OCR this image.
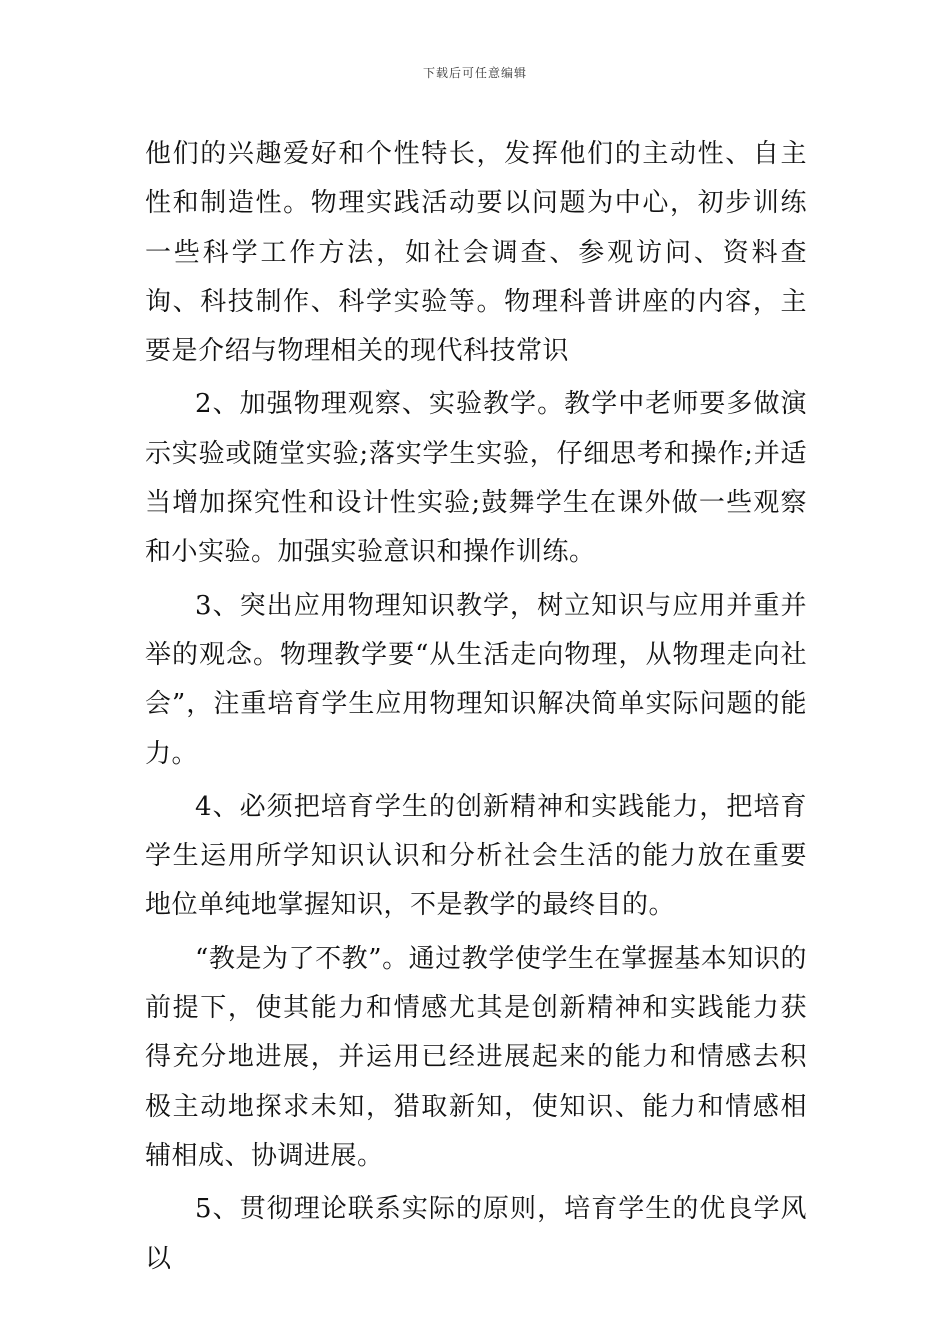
下载后可任意编辑

他们的兴趣爱好和个性特长，发挥他们的主动性、自主性和制造性。物理实践活动要以问题为中心，初步训练一些科学工作方法，如社会调查、参观访问、资料查询、科技制作、科学实验等。物理科普讲座的内容，主要是介绍与物理相关的现代科技常识

2、加强物理观察、实验教学。教学中老师要多做演示实验或随堂实验;落实学生实验，仔细思考和操作;并适当增加探究性和设计性实验;鼓舞学生在课外做一些观察和小实验。加强实验意识和操作训练。

3、突出应用物理知识教学，树立知识与应用并重并举的观念。物理教学要“从生活走向物理，从物理走向社会”，注重培育学生应用物理知识解决简单实际问题的能力。

4、必须把培育学生的创新精神和实践能力，把培育学生运用所学知识认识和分析社会生活的能力放在重要地位单纯地掌握知识，不是教学的最终目的。

“教是为了不教”。通过教学使学生在掌握基本知识的前提下，使其能力和情感尤其是创新精神和实践能力获得充分地进展，并运用已经进展起来的能力和情感去积极主动地探求未知，猎取新知，使知识、能力和情感相辅相成、协调进展。

5、贯彻理论联系实际的原则，培育学生的优良学风以
